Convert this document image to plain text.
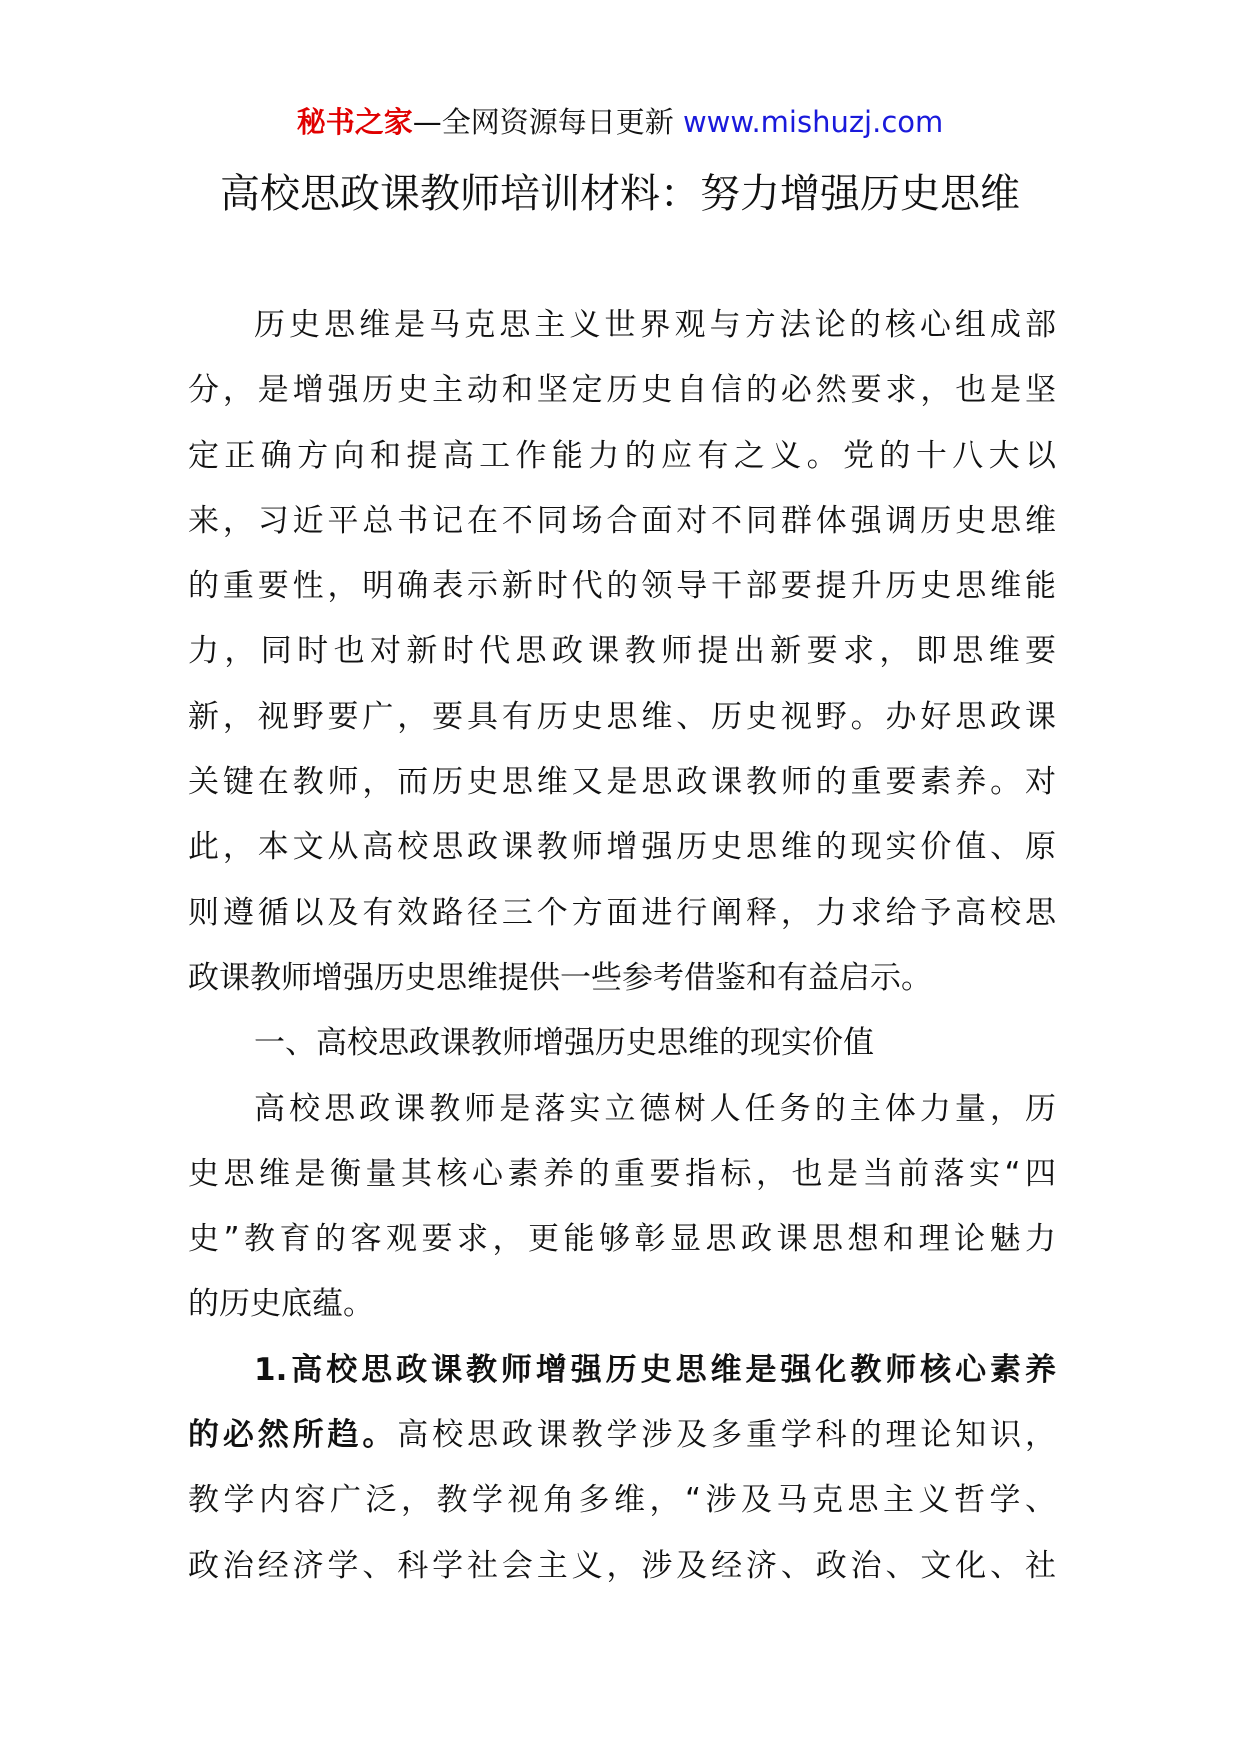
秘书之家—全网资源每日更新 www.mishuzj.com
高校思政课教师培训材料：努力增强历史思维
历史思维是马克思主义世界观与方法论的核心组成部
分，是增强历史主动和坚定历史自信的必然要求，也是坚
定正确方向和提高工作能力的应有之义。党的十八大以
来，习近平总书记在不同场合面对不同群体强调历史思维
的重要性，明确表示新时代的领导干部要提升历史思维能
力，同时也对新时代思政课教师提出新要求，即思维要
新，视野要广，要具有历史思维、历史视野。办好思政课
关键在教师，而历史思维又是思政课教师的重要素养。对
此，本文从高校思政课教师增强历史思维的现实价值、原
则遵循以及有效路径三个方面进行阐释，力求给予高校思
政课教师增强历史思维提供一些参考借鉴和有益启示。
一、高校思政课教师增强历史思维的现实价值
高校思政课教师是落实立德树人任务的主体力量，历
史思维是衡量其核心素养的重要指标，也是当前落实“四
史”教育的客观要求，更能够彰显思政课思想和理论魅力
的历史底蕴。
1.高校思政课教师增强历史思维是强化教师核心素养
的必然所趋。高校思政课教学涉及多重学科的理论知识，
教学内容广泛，教学视角多维，“涉及马克思主义哲学、
政治经济学、科学社会主义，涉及经济、政治、文化、社
